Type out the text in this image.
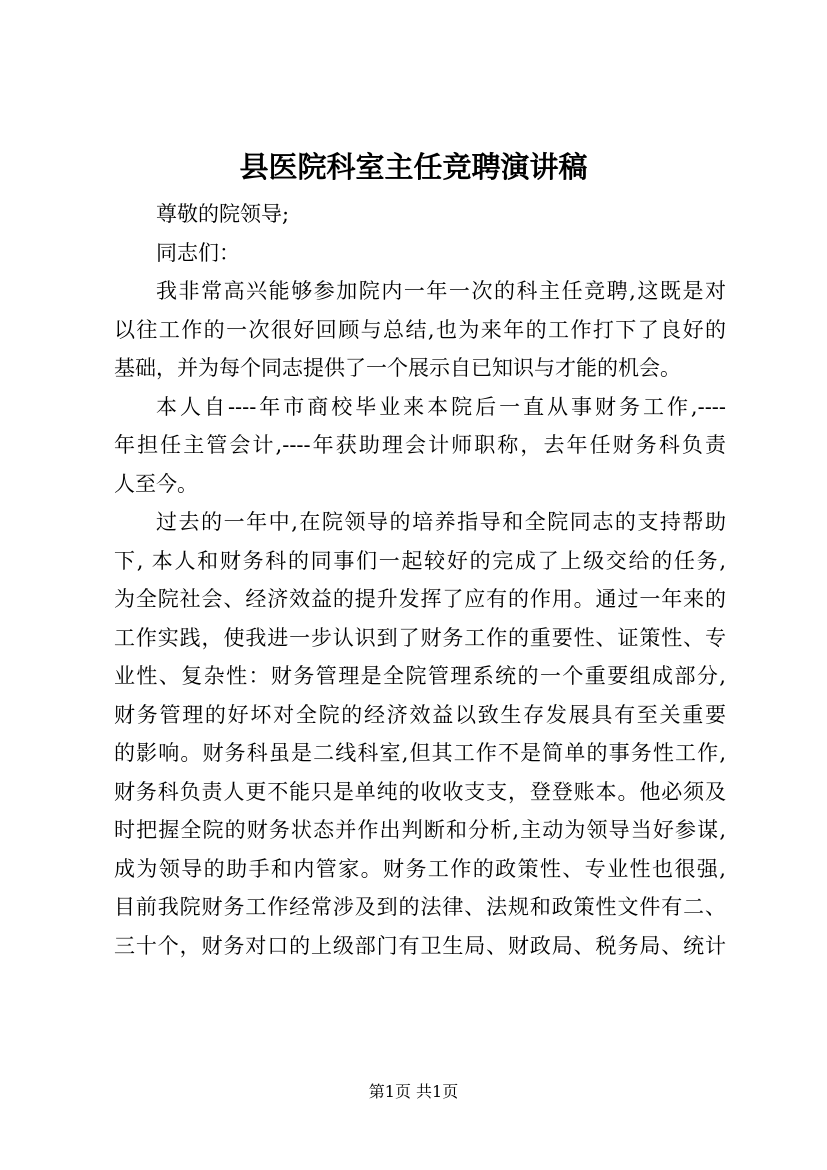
县医院科室主任竞聘演讲稿
尊敬的院领导;
同志们：
我非常高兴能够参加院内一年一次的科主任竞聘,这既是对
以往工作的一次很好回顾与总结,也为来年的工作打下了良好的
基础，并为每个同志提供了一个展示自已知识与才能的机会。
本人自----年市商校毕业来本院后一直从事财务工作,----
年担任主管会计,----年获助理会计师职称，去年任财务科负责
人至今。
过去的一年中,在院领导的培养指导和全院同志的支持帮助
下, 本人和财务科的同事们一起较好的完成了上级交给的任务,
为全院社会、经济效益的提升发挥了应有的作用。通过一年来的
工作实践，使我进一步认识到了财务工作的重要性、证策性、专
业性、复杂性：财务管理是全院管理系统的一个重要组成部分,
财务管理的好坏对全院的经济效益以致生存发展具有至关重要
的影响。财务科虽是二线科室,但其工作不是简单的事务性工作,
财务科负责人更不能只是单纯的收收支支，登登账本。他必须及
时把握全院的财务状态并作出判断和分析,主动为领导当好参谋,
成为领导的助手和内管家。财务工作的政策性、专业性也很强,
目前我院财务工作经常涉及到的法律、法规和政策性文件有二、
三十个，财务对口的上级部门有卫生局、财政局、税务局、统计
第1页 共1页
